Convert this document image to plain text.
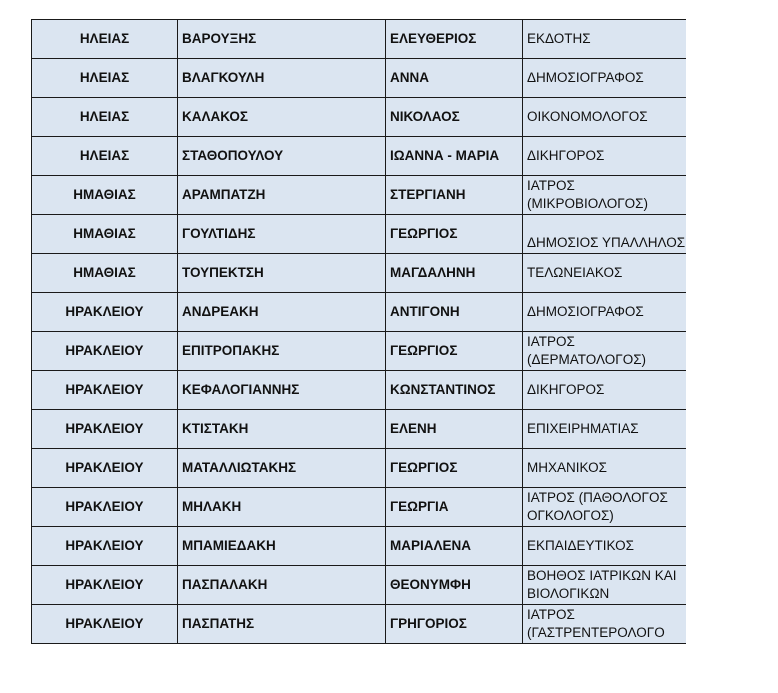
ΗΛΕΙΑΣ	ΒΑΡΟΥΞΗΣ	ΕΛΕΥΘΕΡΙΟΣ	ΕΚΔΟΤΗΣ
ΗΛΕΙΑΣ	ΒΛΑΓΚΟΥΛΗ	ΑΝΝΑ	ΔΗΜΟΣΙΟΓΡΑΦΟΣ
ΗΛΕΙΑΣ	ΚΑΛΑΚΟΣ	ΝΙΚΟΛΑΟΣ	ΟΙΚΟΝΟΜΟΛΟΓΟΣ
ΗΛΕΙΑΣ	ΣΤΑΘΟΠΟΥΛΟΥ	ΙΩΑΝΝΑ - ΜΑΡΙΑ	ΔΙΚΗΓΟΡΟΣ
ΗΜΑΘΙΑΣ	ΑΡΑΜΠΑΤΖΗ	ΣΤΕΡΓΙΑΝΗ	ΙΑΤΡΟΣ (ΜΙΚΡΟΒΙΟΛΟΓΟΣ)
ΗΜΑΘΙΑΣ	ΓΟΥΛΤΙΔΗΣ	ΓΕΩΡΓΙΟΣ	ΔΗΜΟΣΙΟΣ ΥΠΑΛΛΗΛΟΣ
ΗΜΑΘΙΑΣ	ΤΟΥΠΕΚΤΣΗ	ΜΑΓΔΑΛΗΝΗ	ΤΕΛΩΝΕΙΑΚΟΣ
ΗΡΑΚΛΕΙΟΥ	ΑΝΔΡΕΑΚΗ	ΑΝΤΙΓΟΝΗ	ΔΗΜΟΣΙΟΓΡΑΦΟΣ
ΗΡΑΚΛΕΙΟΥ	ΕΠΙΤΡΟΠΑΚΗΣ	ΓΕΩΡΓΙΟΣ	ΙΑΤΡΟΣ (ΔΕΡΜΑΤΟΛΟΓΟΣ)
ΗΡΑΚΛΕΙΟΥ	ΚΕΦΑΛΟΓΙΑΝΝΗΣ	ΚΩΝΣΤΑΝΤΙΝΟΣ	ΔΙΚΗΓΟΡΟΣ
ΗΡΑΚΛΕΙΟΥ	ΚΤΙΣΤΑΚΗ	ΕΛΕΝΗ	ΕΠΙΧΕΙΡΗΜΑΤΙΑΣ
ΗΡΑΚΛΕΙΟΥ	ΜΑΤΑΛΛΙΩΤΑΚΗΣ	ΓΕΩΡΓΙΟΣ	ΜΗΧΑΝΙΚΟΣ
ΗΡΑΚΛΕΙΟΥ	ΜΗΛΑΚΗ	ΓΕΩΡΓΙΑ	ΙΑΤΡΟΣ (ΠΑΘΟΛΟΓΟΣ ΟΓΚΟΛΟΓΟΣ)
ΗΡΑΚΛΕΙΟΥ	ΜΠΑΜΙΕΔΑΚΗ	ΜΑΡΙΑΛΕΝΑ	ΕΚΠΑΙΔΕΥΤΙΚΟΣ
ΗΡΑΚΛΕΙΟΥ	ΠΑΣΠΑΛΑΚΗ	ΘΕΟΝΥΜΦΗ	ΒΟΗΘΟΣ ΙΑΤΡΙΚΩΝ ΚΑΙ ΒΙΟΛΟΓΙΚΩΝ
ΗΡΑΚΛΕΙΟΥ	ΠΑΣΠΑΤΗΣ	ΓΡΗΓΟΡΙΟΣ	ΙΑΤΡΟΣ (ΓΑΣΤΡΕΝΤΕΡΟΛΟΓΟ
